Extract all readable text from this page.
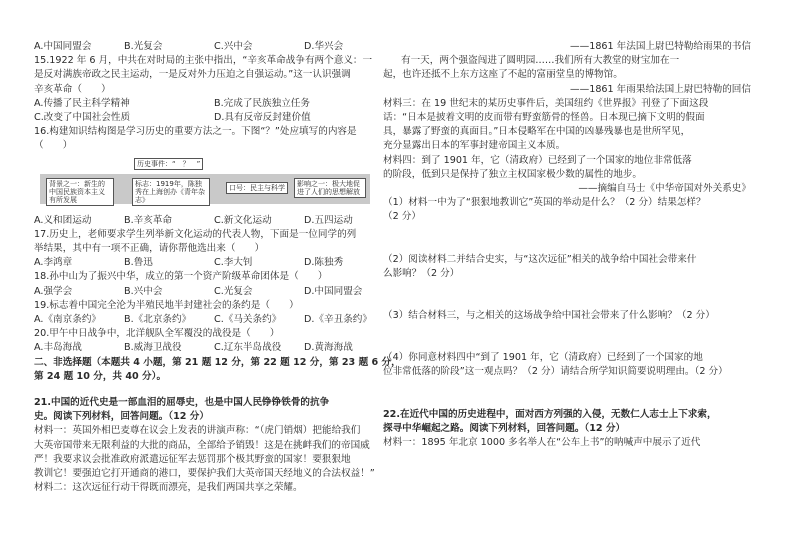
A.中国同盟会	B.光复会	C.兴中会	D.华兴会
15.1922 年 6 月，中共在对时局的主张中指出，“辛亥革命战争有两个意义：一
是反对满族帝政之民主运动，一是反对外力压迫之自强运动。”这一认识强调
辛亥革命（　　）
A.传播了民主科学精神	B.完成了民族独立任务
C.改变了中国社会性质	D.具有反帝反封建价值
16.构建知识结构图是学习历史的重要方法之一。下图“？”处应填写的内容是
（　　）
历史事件：“　？　”
背景之一：新生的中国民族资本主义有所发展
标志：1919年，陈独秀在上海创办《青年杂志》
口号：民主与科学	影响之一：极大地促进了人们的思想解放
A.义和团运动	B.辛亥革命	C.新文化运动	D.五四运动
17.历史上，老师要求学生列举新文化运动的代表人物，下面是一位同学的列
举结果，其中有一项不正确，请你帮他选出来（　　）
A.李鸿章	B.鲁迅	C.李大钊	D.陈独秀
18.孙中山为了振兴中华，成立的第一个资产阶级革命团体是（　　）
A.强学会	B.兴中会	C.光复会	D.中国同盟会
19.标志着中国完全沦为半殖民地半封建社会的条约是（　　）
A.《南京条约》	B.《北京条约》	C.《马关条约》	D.《辛丑条约》
20.甲午中日战争中，北洋舰队全军覆没的战役是（　　）
A.丰岛海战	B.威海卫战役	C.辽东半岛战役	D.黄海海战
二、非选择题（本题共 4 小题，第 21 题 12 分，第 22 题 12 分，第 23 题 6 分，
第 24 题 10 分，共 40 分）。
21.中国的近代史是一部血泪的屈辱史，也是中国人民铮铮铁骨的抗争
史。阅读下列材料，回答问题。（12 分）
材料一：英国外相巴麦尊在议会上发表的讲演声称：“（虎门销烟）把能给我们
大英帝国带来无限利益的大批的商品，全部给予销毁！这是在挑衅我们的帝国威
严！我要求议会批准政府派遣远征军去惩罚那个极其野蛮的国家！要狠狠地
教训它！要强迫它打开通商的港口，要保护我们大英帝国天经地义的合法权益！”
材料二：这次远征行动干得既而漂亮，是我们两国共享之荣耀。
——1861 年法国上尉巴特勒给雨果的书信
有一天，两个强盗闯进了圆明园……我们所有大教堂的财宝加在一
起，也许还抵不上东方这座了不起的富丽堂皇的博物馆。
——1861 年雨果给法国上尉巴特勒的回信
材料三：在 19 世纪末的某历史事件后，美国纽约《世界报》刊登了下面这段
话：“日本是披着文明的皮而带有野蛮筋骨的怪兽。日本现已摘下文明的假面
具，暴露了野蛮的真面目。”日本侵略军在中国的凶暴残暴也是世所罕见，
充分显露出日本的军事封建帝国主义本质。
材料四：到了 1901 年，它（清政府）已经到了一个国家的地位非常低落
的阶段，低到只是保持了独立主权国家极少数的属性的地步。
——摘编自马士《中华帝国对外关系史》
（1）材料一中为了“狠狠地教训它”英国的举动是什么？（2 分）结果怎样？
（2 分）
（2）阅读材料二并结合史实，与“这次远征”相关的战争给中国社会带来什
么影响？（2 分）
（3）结合材料三，与之相关的这场战争给中国社会带来了什么影响？（2 分）
（4）你同意材料四中“到了 1901 年，它（清政府）已经到了一个国家的地
位非常低落的阶段”这一观点吗？（2 分）请结合所学知识简要说明理由。（2 分）
22.在近代中国的历史进程中，面对西方列强的入侵，无数仁人志士上下求索，
探寻中华崛起之路。阅读下列材料，回答问题。（12 分）
材料一：1895 年北京 1000 多名举人在“公车上书”的呐喊声中展示了近代
